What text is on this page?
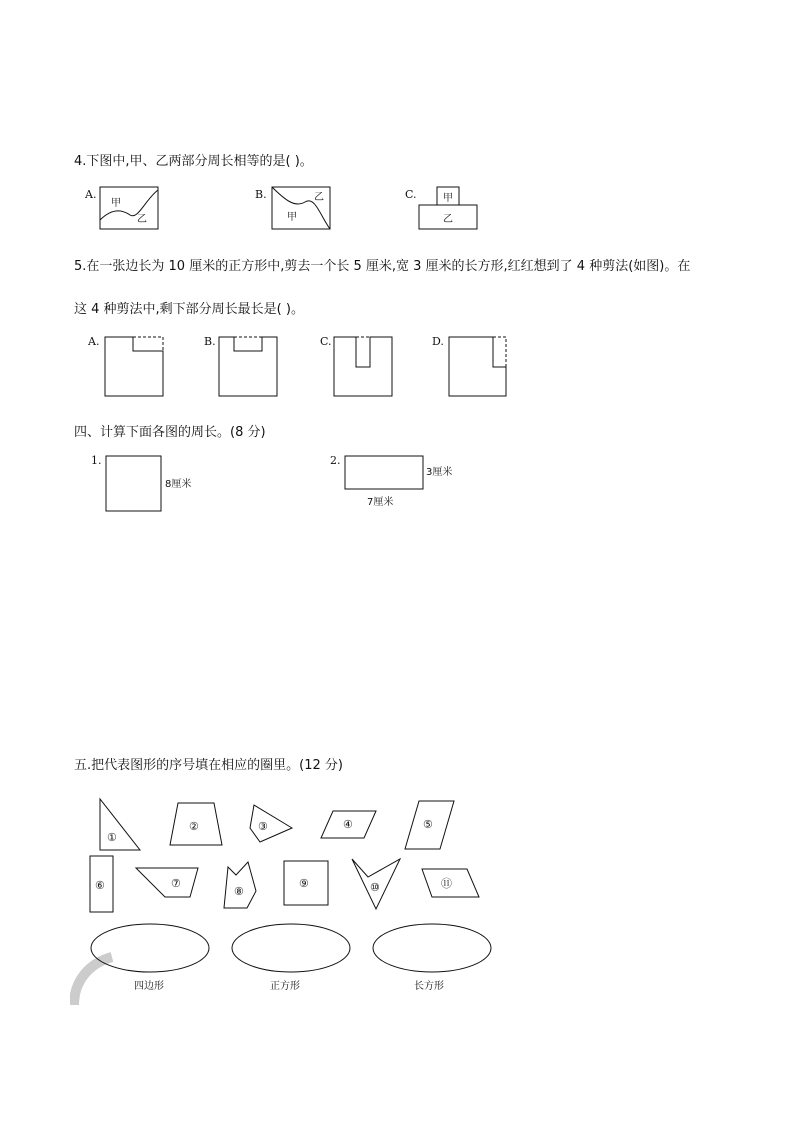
4.下图中,甲、乙两部分周长相等的是( )。
A.
甲
乙
B.	乙
甲
C.	甲
乙
5.在一张边长为 10 厘米的正方形中,剪去一个长 5 厘米,宽 3 厘米的长方形,红红想到了 4 种剪法(如图)。在
这 4 种剪法中,剩下部分周长最长是( )。
A.	B.	C.	D.
四、计算下面各图的周长。(8 分)
1.
8厘米
2.
3厘米
7厘米
五.把代表图形的序号填在相应的圈里。(12 分)
①
②	③	④	⑤
⑥	⑦
⑧
⑨	⑩	⑪
四边形	正方形	长方形
